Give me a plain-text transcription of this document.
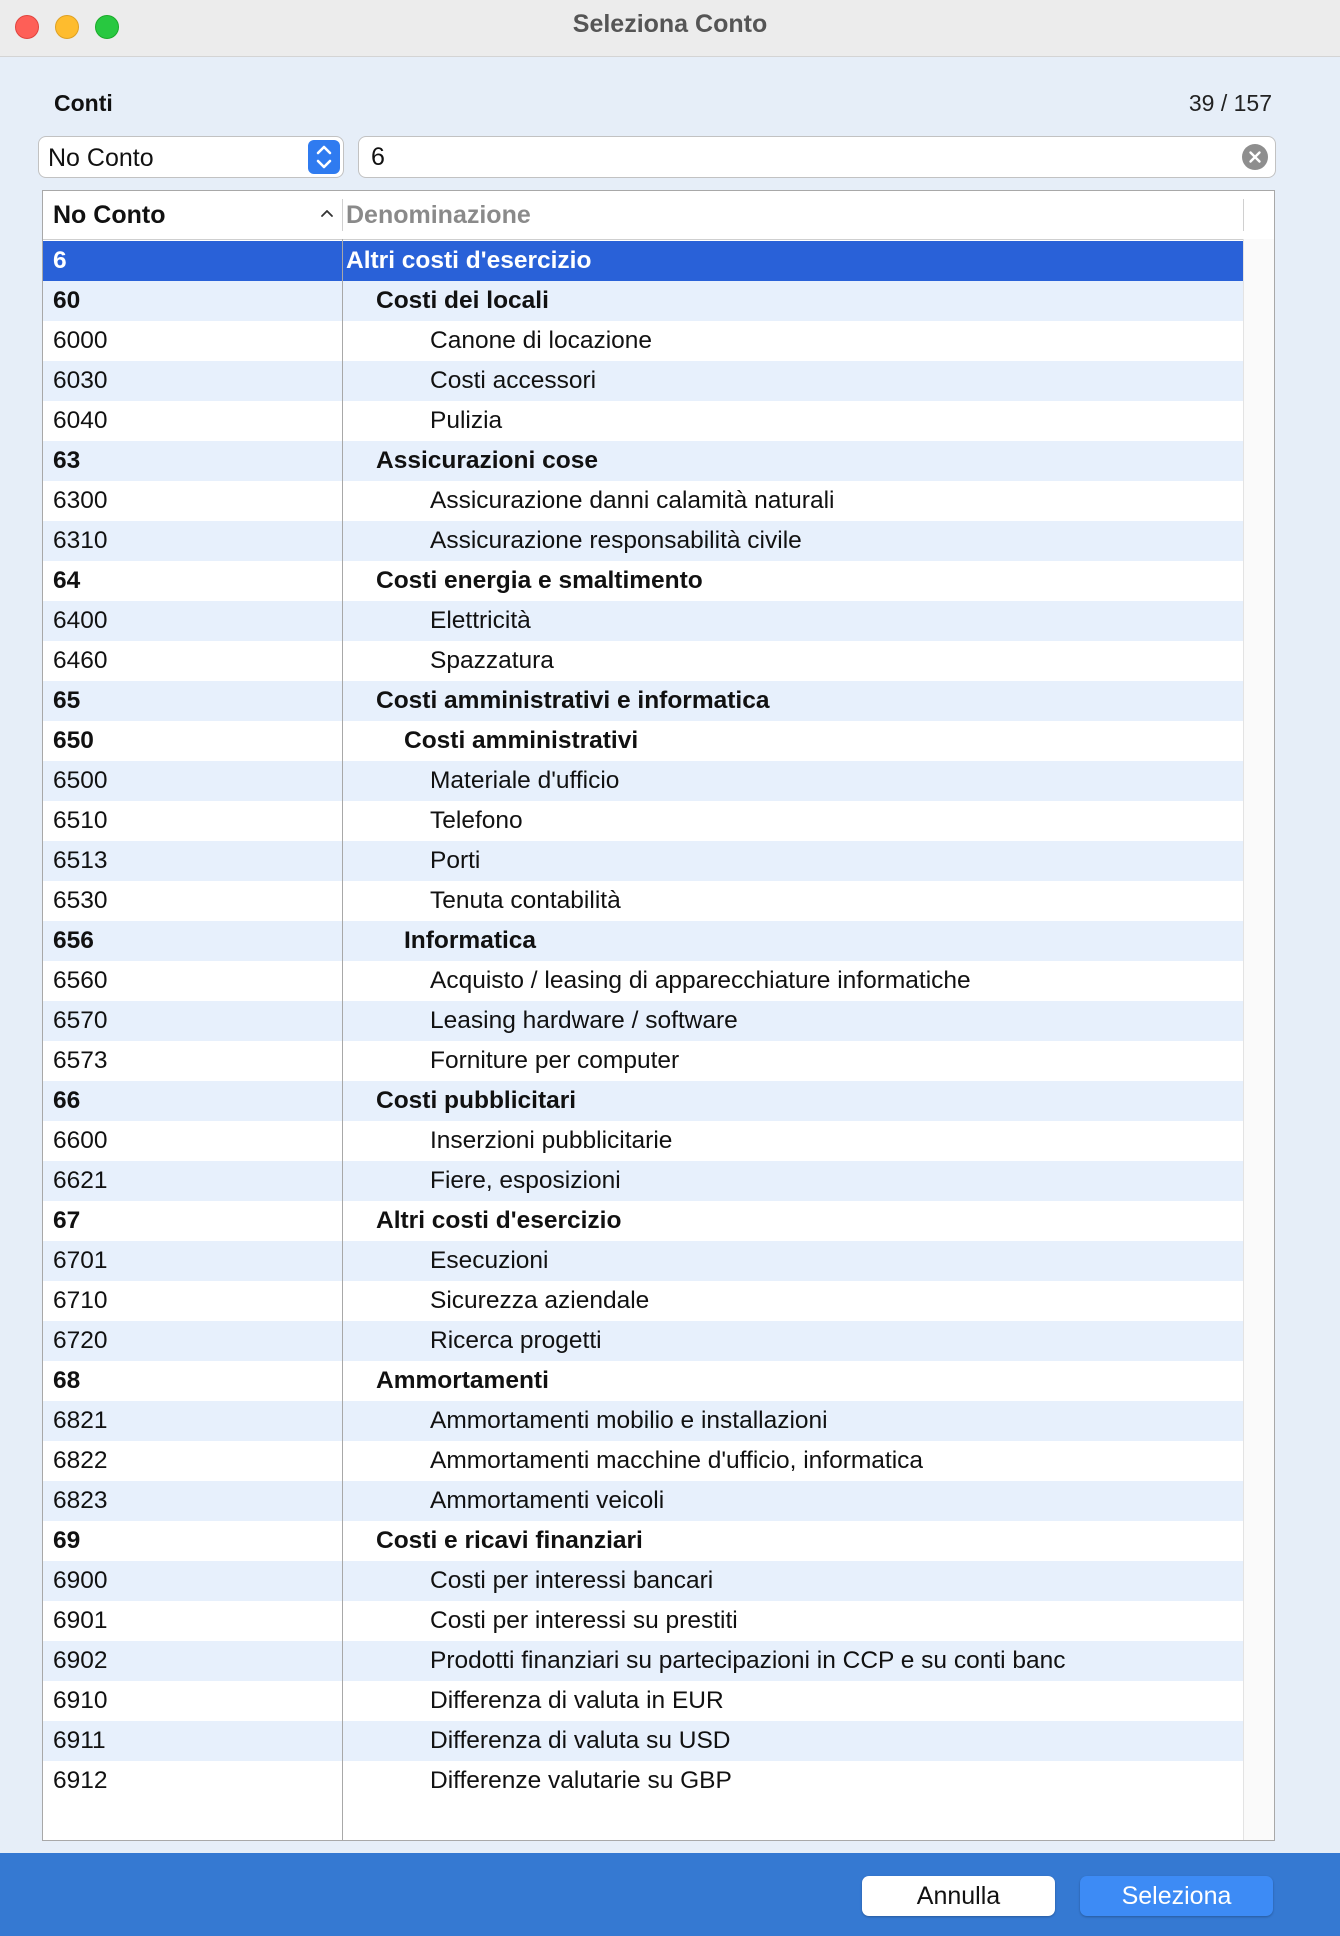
Seleziona Conto
Conti	39 / 157
No Conto	6
No Conto	Denominazione
6	Altri costi d'esercizio
60	Costi dei locali
6000	Canone di locazione
6030	Costi accessori
6040	Pulizia
63	Assicurazioni cose
6300	Assicurazione danni calamità naturali
6310	Assicurazione responsabilità civile
64	Costi energia e smaltimento
6400	Elettricità
6460	Spazzatura
65	Costi amministrativi e informatica
650	Costi amministrativi
6500	Materiale d'ufficio
6510	Telefono
6513	Porti
6530	Tenuta contabilità
656	Informatica
6560	Acquisto / leasing di apparecchiature informatiche
6570	Leasing hardware / software
6573	Forniture per computer
66	Costi pubblicitari
6600	Inserzioni pubblicitarie
6621	Fiere, esposizioni
67	Altri costi d'esercizio
6701	Esecuzioni
6710	Sicurezza aziendale
6720	Ricerca progetti
68	Ammortamenti
6821	Ammortamenti mobilio e installazioni
6822	Ammortamenti macchine d'ufficio, informatica
6823	Ammortamenti veicoli
69	Costi e ricavi finanziari
6900	Costi per interessi bancari
6901	Costi per interessi su prestiti
6902	Prodotti finanziari su partecipazioni in CCP e su conti banc
6910	Differenza di valuta in EUR
6911	Differenza di valuta su USD
6912	Differenze valutarie su GBP
Annulla	Seleziona
